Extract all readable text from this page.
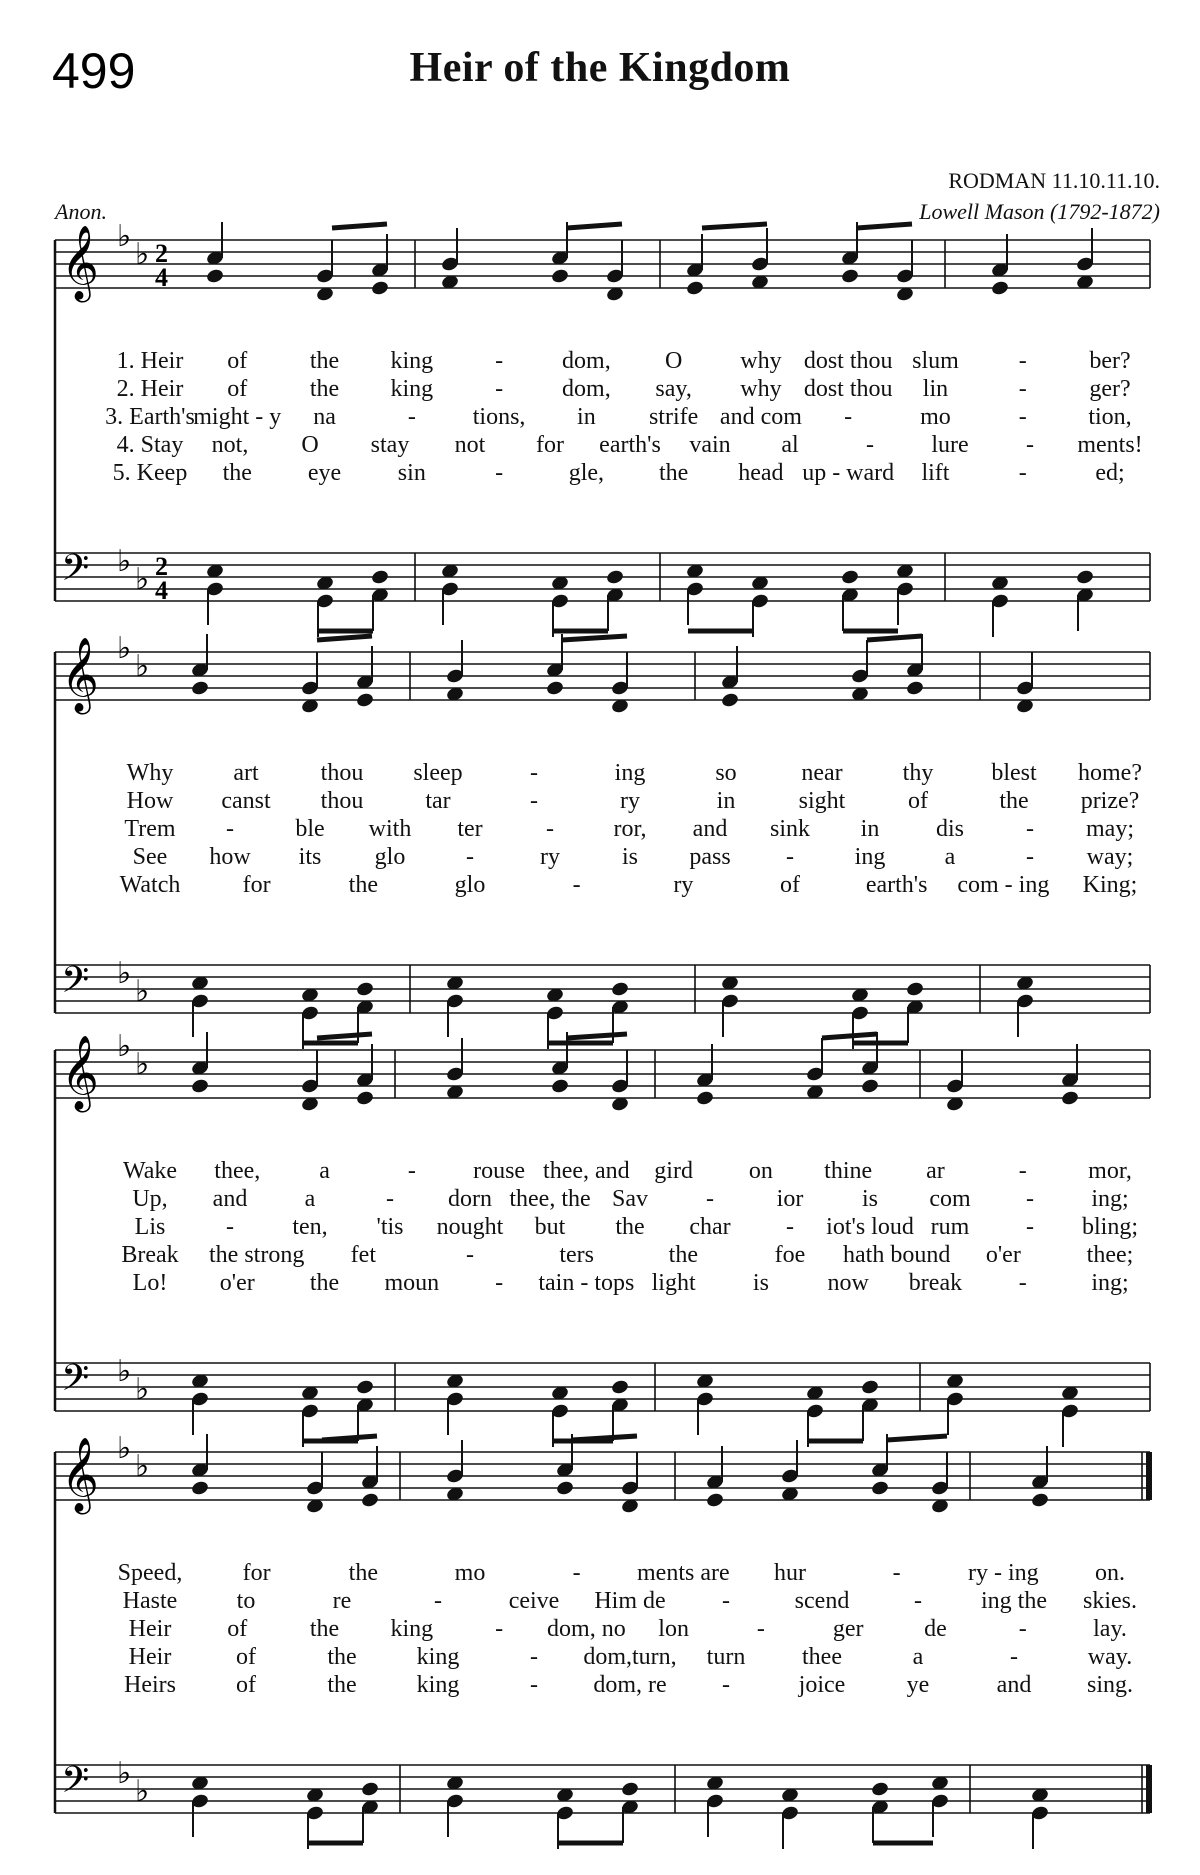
499	Heir of the Kingdom
RODMAN 11.10.11.10.
Lowell Mason (1792-1872)
Anon.
𝄞 ♭
♭
𝄢 ♭
♭
2
4
2
4
𝄞 ♭
♭
𝄢 ♭
♭
𝄞 ♭
♭
𝄢 ♭
♭
𝄞 ♭
♭
𝄢 ♭
♭
1. Heir of	the king	- dom, O why dost thou slum -	ber?
2. Heir of	the king	- dom, say, why dost thou lin	-	ger?
3. Earth's
might - y na	- tions, in strife and com -	mo	-	tion,
4. Stay not, O stay not for earth's vain al	- lure - ments!
5. Keep the eye sin	-	gle, the head up - ward lift	-	ed;
Why	art	thou sleep	-	ing	so	near	thy blest home?
How canst thou	tar	-	ry	in	sight	of	the prize?
Trem -	ble with ter	- ror, and sink in dis	- may;
See how its glo	-	ry	is pass -	ing a	- way;
Watch	for	the	glo	-	ry	of	earth's com - ing King;
Wake thee, a	- rouse thee, and gird on thine ar	-	mor,
Up, and a	- dorn thee, the Sav -	ior is com - ing;
Lis	- ten, 'tis nought but the char - iot's loud rum - bling;
Break the strong fet	-	ters	the	foe hath bound o'er	thee;
Lo! o'er the moun - tain - tops light is now break -	ing;
Speed,	for	the	mo	- ments are hur	-	ry - ing on.
Haste to	re	-	ceive Him de -	scend	- ing the skies.
Heir of	the king	- dom, no lon	-	ger	de	-	lay.
Heir	of	the	king	- dom,turn, turn thee	a	-	way.
Heirs	of	the	king	- dom, re -	joice	ye	and sing.
